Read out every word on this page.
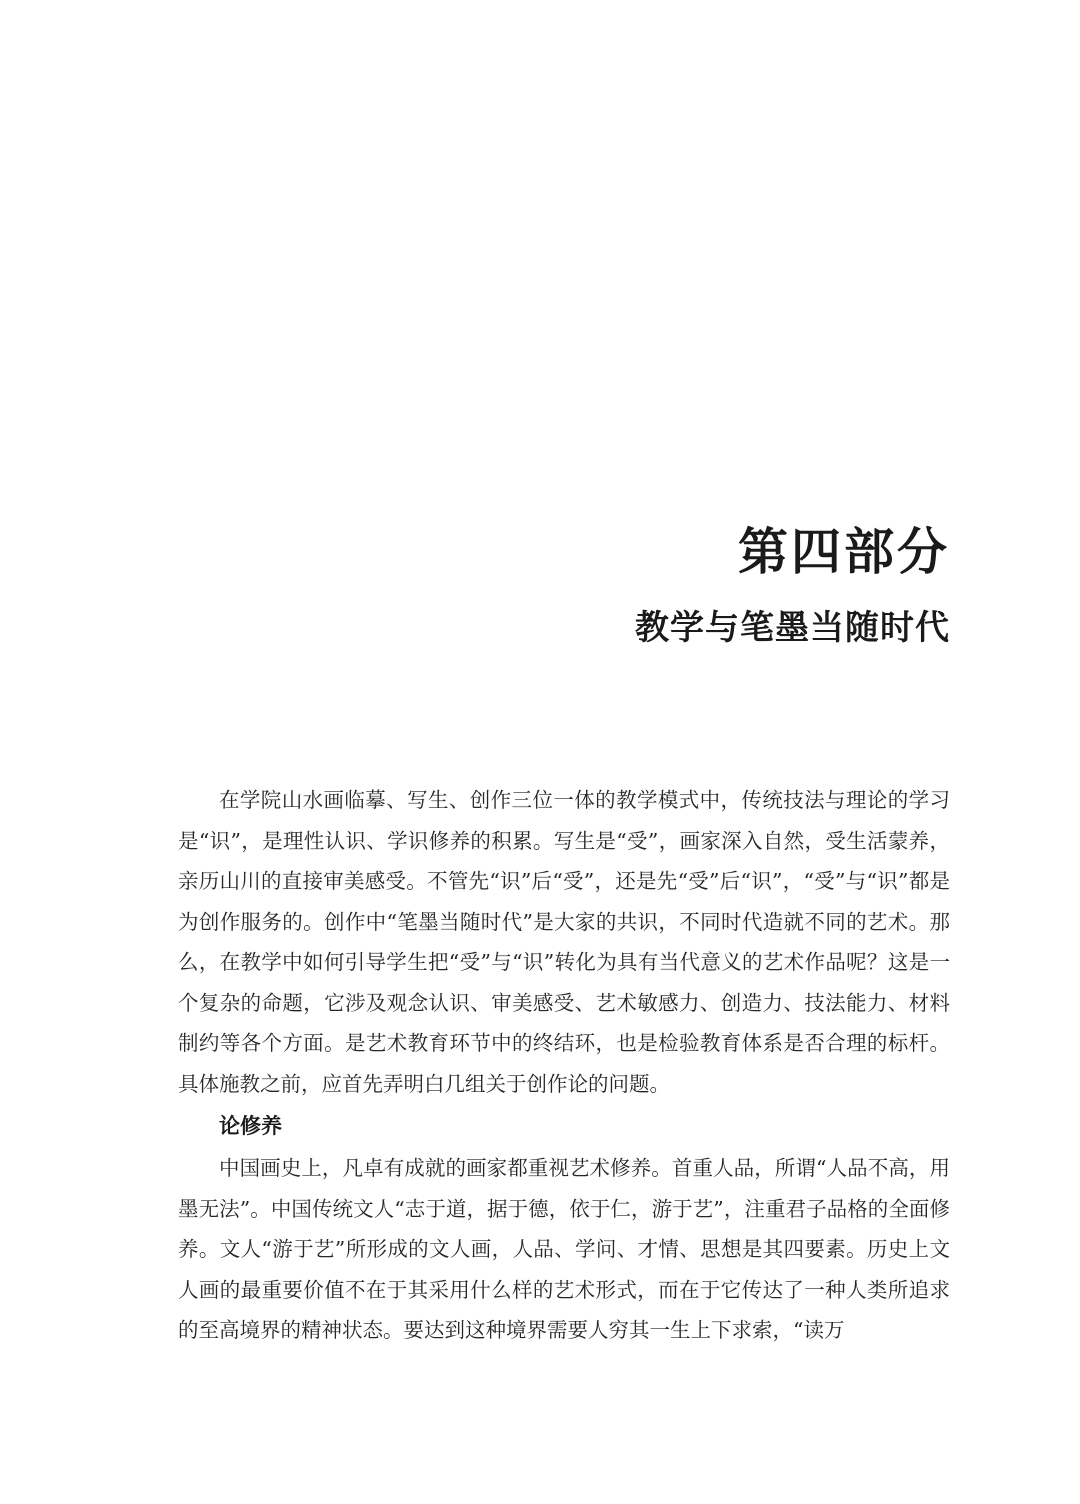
第四部分
教学与笔墨当随时代

在学院山水画临摹、写生、创作三位一体的教学模式中，传统技法与理论的学习是“识”，是理性认识、学识修养的积累。写生是“受”，画家深入自然，受生活蒙养，亲历山川的直接审美感受。不管先“识”后“受”，还是先“受”后“识”，“受”与“识”都是为创作服务的。创作中“笔墨当随时代”是大家的共识，不同时代造就不同的艺术。那么，在教学中如何引导学生把“受”与“识”转化为具有当代意义的艺术作品呢？这是一个复杂的命题，它涉及观念认识、审美感受、艺术敏感力、创造力、技法能力、材料制约等各个方面。是艺术教育环节中的终结环，也是检验教育体系是否合理的标杆。具体施教之前，应首先弄明白几组关于创作论的问题。

论修养

中国画史上，凡卓有成就的画家都重视艺术修养。首重人品，所谓“人品不高，用墨无法”。中国传统文人“志于道，据于德，依于仁，游于艺”，注重君子品格的全面修养。文人“游于艺”所形成的文人画，人品、学问、才情、思想是其四要素。历史上文人画的最重要价值不在于其采用什么样的艺术形式，而在于它传达了一种人类所追求的至高境界的精神状态。要达到这种境界需要人穷其一生上下求索，“读万
